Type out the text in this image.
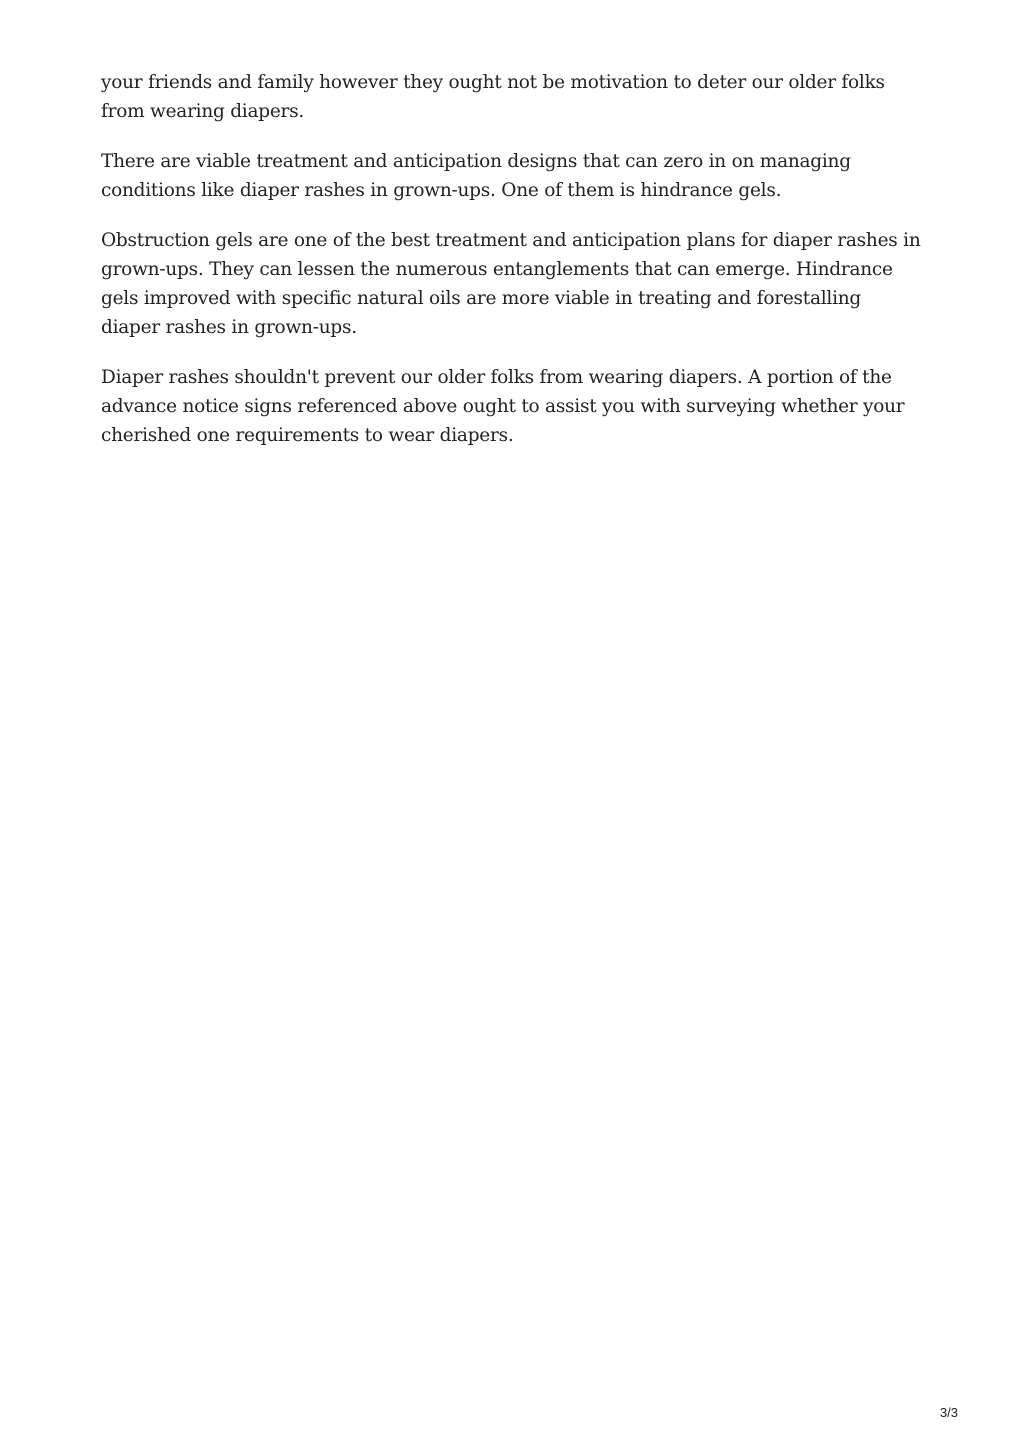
your friends and family however they ought not be motivation to deter our older folks from wearing diapers.

There are viable treatment and anticipation designs that can zero in on managing conditions like diaper rashes in grown-ups. One of them is hindrance gels.

Obstruction gels are one of the best treatment and anticipation plans for diaper rashes in grown-ups. They can lessen the numerous entanglements that can emerge. Hindrance gels improved with specific natural oils are more viable in treating and forestalling diaper rashes in grown-ups.

Diaper rashes shouldn't prevent our older folks from wearing diapers. A portion of the advance notice signs referenced above ought to assist you with surveying whether your cherished one requirements to wear diapers.

3/3
